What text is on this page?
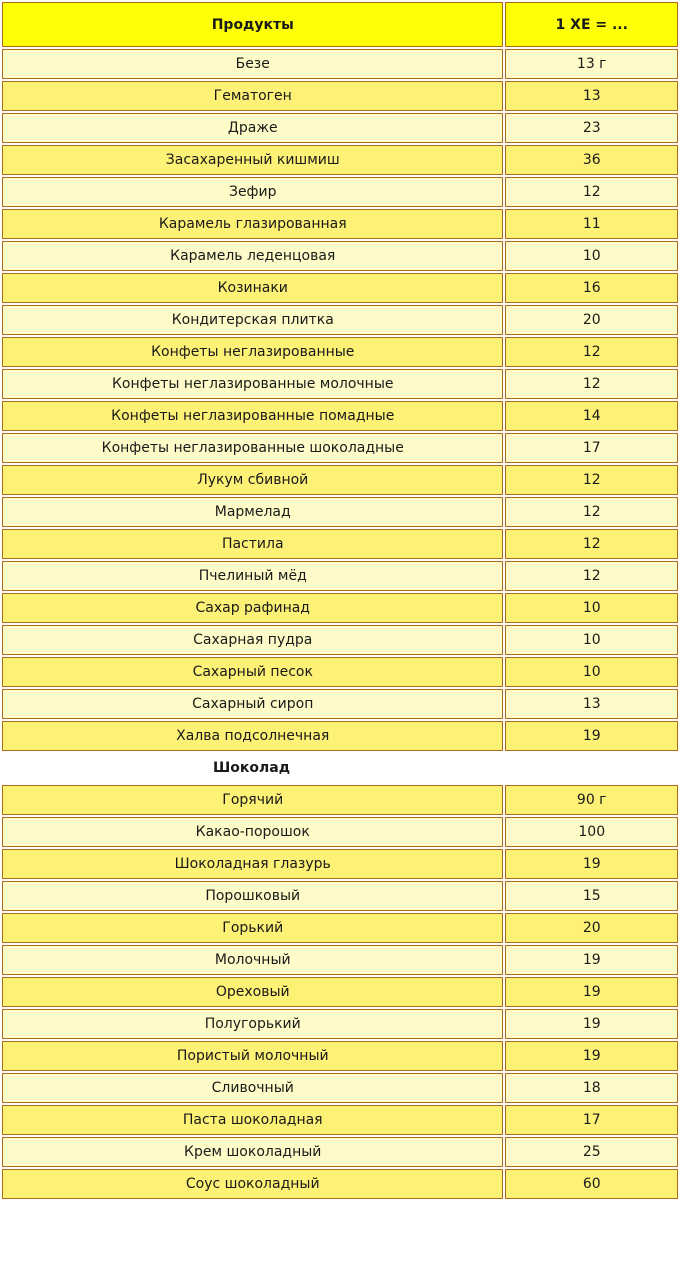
Продукты	1 ХЕ = ...
Безе	13 г
Гематоген	13
Драже	23
Засахаренный кишмиш	36
Зефир	12
Карамель глазированная	11
Карамель леденцовая	10
Козинаки	16
Кондитерская плитка	20
Конфеты неглазированные	12
Конфеты неглазированные молочные	12
Конфеты неглазированные помадные	14
Конфеты неглазированные шоколадные	17
Лукум сбивной	12
Мармелад	12
Пастила	12
Пчелиный мёд	12
Сахар рафинад	10
Сахарная пудра	10
Сахарный песок	10
Сахарный сироп	13
Халва подсолнечная	19
Шоколад	
Горячий	90 г
Какао-порошок	100
Шоколадная глазурь	19
Порошковый	15
Горький	20
Молочный	19
Ореховый	19
Полугорький	19
Пористый молочный	19
Сливочный	18
Паста шоколадная	17
Крем шоколадный	25
Соус шоколадный	60
